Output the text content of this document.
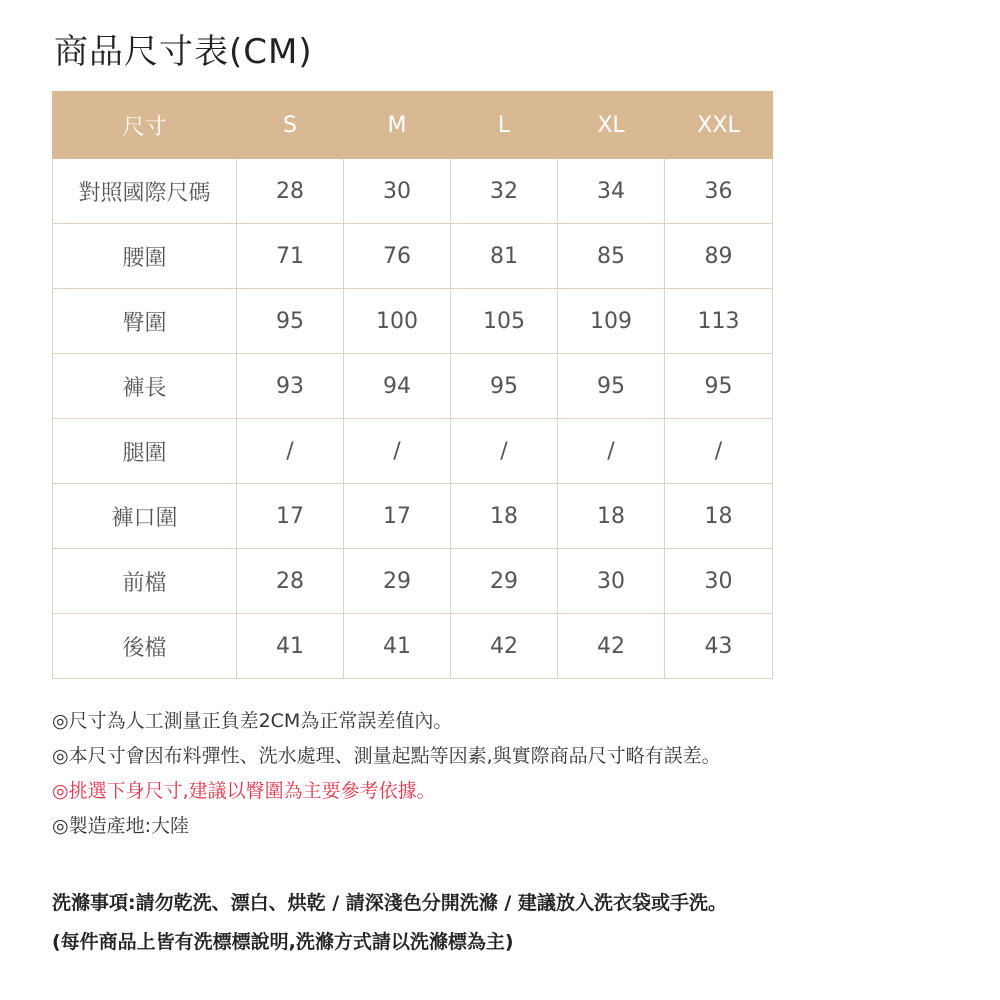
商品尺寸表(CM)
尺寸	S	M	L	XL	XXL
對照國際尺碼	28	30	32	34	36
腰圍	71	76	81	85	89
臀圍	95	100	105	109	113
褲長	93	94	95	95	95
腿圍	/	/	/	/	/
褲口圍	17	17	18	18	18
前檔	28	29	29	30	30
後檔	41	41	42	42	43
◎尺寸為人工測量正負差2CM為正常誤差值內。
◎本尺寸會因布料彈性、洗水處理、測量起點等因素,與實際商品尺寸略有誤差。
◎挑選下身尺寸,建議以臀圍為主要參考依據。
◎製造產地:大陸
洗滌事項:請勿乾洗、漂白、烘乾 / 請深淺色分開洗滌 / 建議放入洗衣袋或手洗。
(每件商品上皆有洗標標說明,洗滌方式請以洗滌標為主)
